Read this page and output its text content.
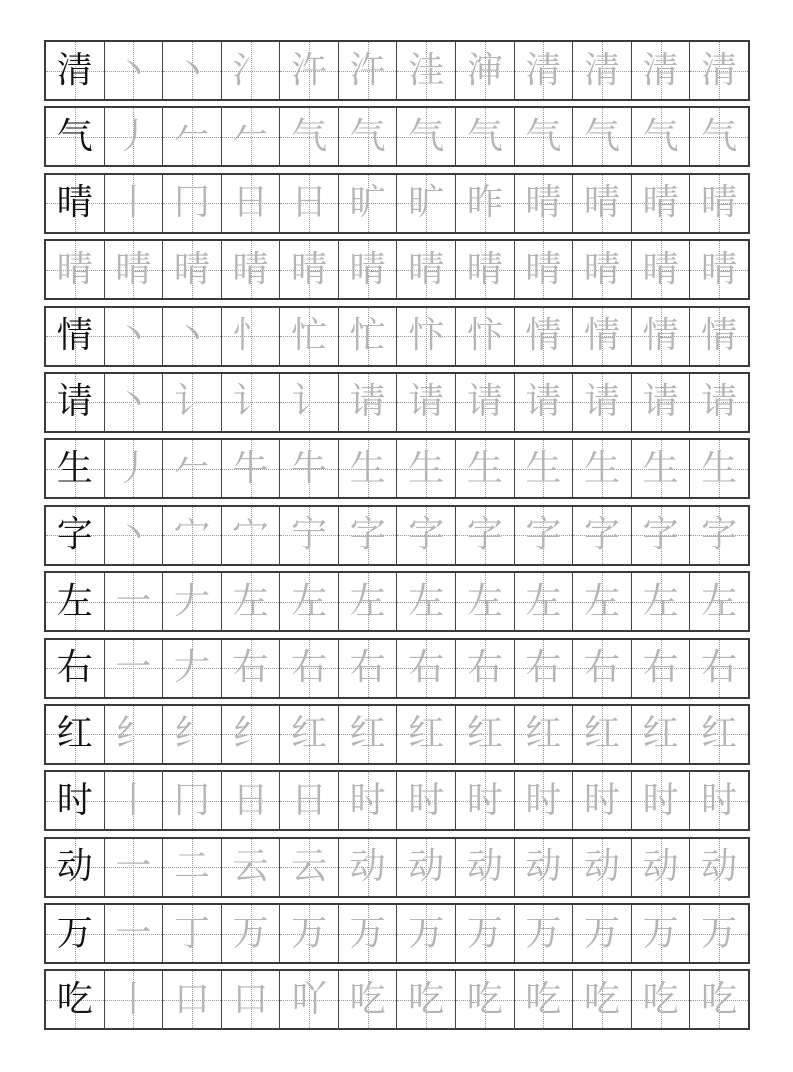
清 丶 丶 氵 汻 汻 洼 渖 清 清 清 清
气 丿 𠂉 𠂉 气 气 气 气 气 气 气 气
晴 丨 冂 日 日 旷 旷 昨 晴 晴 晴 晴
晴 晴 晴 晴 晴 晴 晴 晴 晴 晴 晴 晴
情 丶 丶 忄 忙 忙 忭 忭 情 情 情 情
请 丶 讠 讠 讠 请 请 请 请 请 请 请
生 丿 𠂉 牛 牛 生 生 生 生 生 生 生
字 丶 宀 宀 宁 字 字 字 字 字 字 字
左 一 𠂇 左 左 左 左 左 左 左 左 左
右 一 𠂇 右 右 右 右 右 右 右 右 右
红 纟 纟 纟 红 红 红 红 红 红 红 红
时 丨 冂 日 日 时 时 时 时 时 时 时
动 一 二 云 云 动 动 动 动 动 动 动
万 一 丁 万 万 万 万 万 万 万 万 万
吃 丨 口 口 吖 吃 吃 吃 吃 吃 吃 吃
